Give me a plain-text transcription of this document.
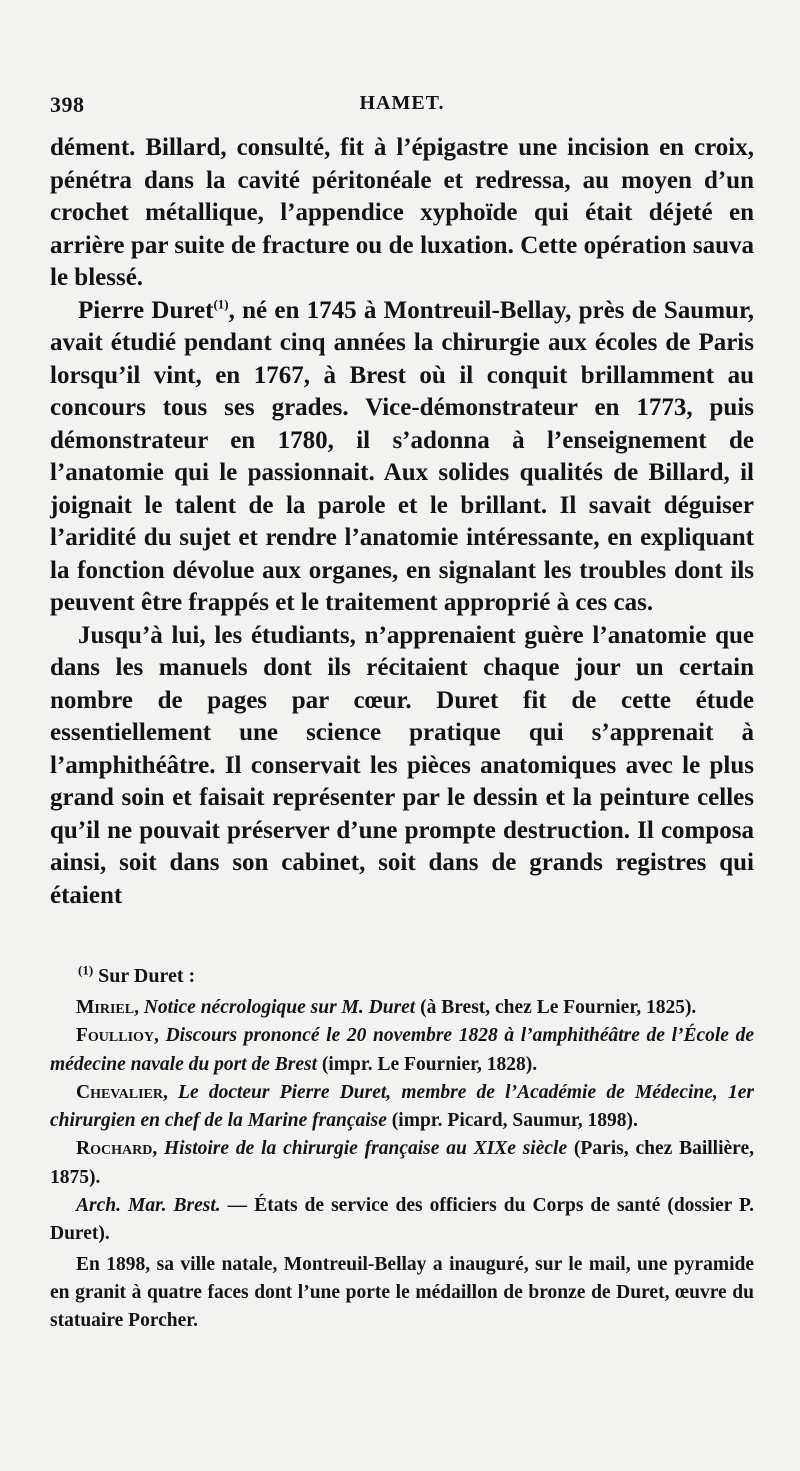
398	HAMET.

dément. Billard, consulté, fit à l’épigastre une incision en croix, pénétra dans la cavité péritonéale et redressa, au moyen d’un crochet métallique, l’appendice xyphoïde qui était déjeté en arrière par suite de fracture ou de luxation. Cette opération sauva le blessé.

Pierre Duret$^{(1)}$, né en 1745 à Montreuil-Bellay, près de Saumur, avait étudié pendant cinq années la chirurgie aux écoles de Paris lorsqu’il vint, en 1767, à Brest où il conquit brillamment au concours tous ses grades. Vice-démonstrateur en 1773, puis démonstrateur en 1780, il s’adonna à l’enseignement de l’anatomie qui le passionnait. Aux solides qualités de Billard, il joignait le talent de la parole et le brillant. Il savait déguiser l’aridité du sujet et rendre l’anatomie intéressante, en expliquant la fonction dévolue aux organes, en signalant les troubles dont ils peuvent être frappés et le traitement approprié à ces cas.

Jusqu’à lui, les étudiants, n’apprenaient guère l’anatomie que dans les manuels dont ils récitaient chaque jour un certain nombre de pages par cœur. Duret fit de cette étude essentiellement une science pratique qui s’apprenait à l’amphithéâtre. Il conservait les pièces anatomiques avec le plus grand soin et faisait représenter par le dessin et la peinture celles qu’il ne pouvait préserver d’une prompte destruction. Il composa ainsi, soit dans son cabinet, soit dans de grands registres qui étaient

$^{(1)}$ Sur Duret :

Miriel, Notice nécrologique sur M. Duret (à Brest, chez Le Fournier, 1825).

Foullioy, Discours prononcé le 20 novembre 1828 à l’amphithéâtre de l’École de médecine navale du port de Brest (impr. Le Fournier, 1828).

Chevalier, Le docteur Pierre Duret, membre de l’Académie de Médecine, 1er chirurgien en chef de la Marine française (impr. Picard, Saumur, 1898).

Rochard, Histoire de la chirurgie française au XIXe siècle (Paris, chez Baillière, 1875).

Arch. Mar. Brest. — États de service des officiers du Corps de santé (dossier P. Duret).

En 1898, sa ville natale, Montreuil-Bellay a inauguré, sur le mail, une pyramide en granit à quatre faces dont l’une porte le médaillon de bronze de Duret, œuvre du statuaire Porcher.
